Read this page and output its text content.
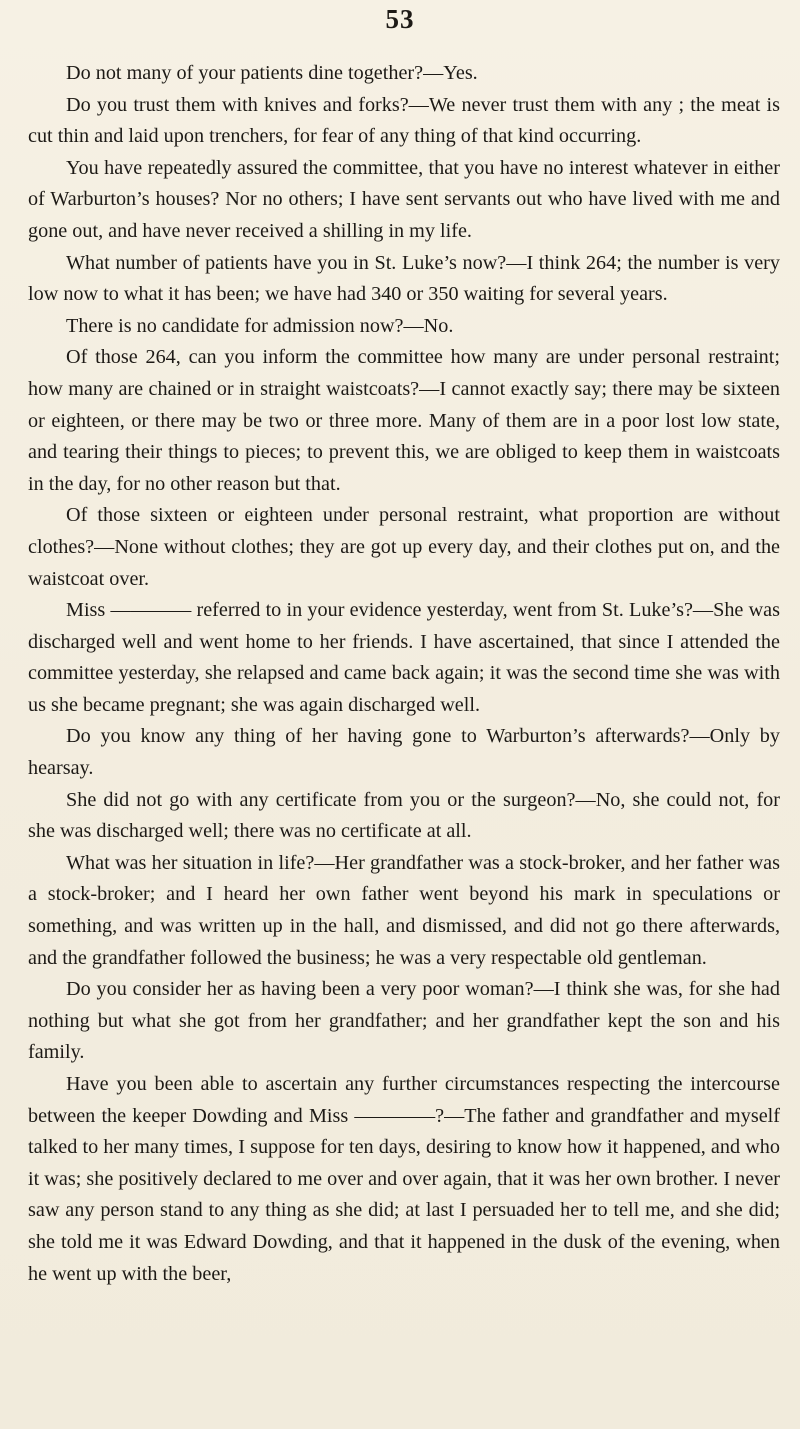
53

Do not many of your patients dine together?—Yes.

Do you trust them with knives and forks?—We never trust them with any ; the meat is cut thin and laid upon trenchers, for fear of any thing of that kind occurring.

You have repeatedly assured the committee, that you have no interest whatever in either of Warburton’s houses? Nor no others; I have sent servants out who have lived with me and gone out, and have never received a shilling in my life.

What number of patients have you in St. Luke’s now?—I think 264; the number is very low now to what it has been; we have had 340 or 350 waiting for several years.

There is no candidate for admission now?—No.

Of those 264, can you inform the committee how many are under personal restraint; how many are chained or in straight waistcoats?—I cannot exactly say; there may be sixteen or eighteen, or there may be two or three more. Many of them are in a poor lost low state, and tearing their things to pieces; to prevent this, we are obliged to keep them in waistcoats in the day, for no other reason but that.

Of those sixteen or eighteen under personal restraint, what proportion are without clothes?—None without clothes; they are got up every day, and their clothes put on, and the waistcoat over.

Miss ———— referred to in your evidence yesterday, went from St. Luke’s?—She was discharged well and went home to her friends. I have ascertained, that since I attended the committee yesterday, she relapsed and came back again; it was the second time she was with us she became pregnant; she was again discharged well.

Do you know any thing of her having gone to Warburton’s afterwards?—Only by hearsay.

She did not go with any certificate from you or the surgeon?—No, she could not, for she was discharged well; there was no certificate at all.

What was her situation in life?—Her grandfather was a stock-broker, and her father was a stock-broker; and I heard her own father went beyond his mark in speculations or something, and was written up in the hall, and dismissed, and did not go there afterwards, and the grandfather followed the business; he was a very respectable old gentleman.

Do you consider her as having been a very poor woman?—I think she was, for she had nothing but what she got from her grandfather; and her grandfather kept the son and his family.

Have you been able to ascertain any further circumstances respecting the intercourse between the keeper Dowding and Miss ————?—The father and grandfather and myself talked to her many times, I suppose for ten days, desiring to know how it happened, and who it was; she positively declared to me over and over again, that it was her own brother. I never saw any person stand to any thing as she did; at last I persuaded her to tell me, and she did; she told me it was Edward Dowding, and that it happened in the dusk of the evening, when he went up with the beer,
